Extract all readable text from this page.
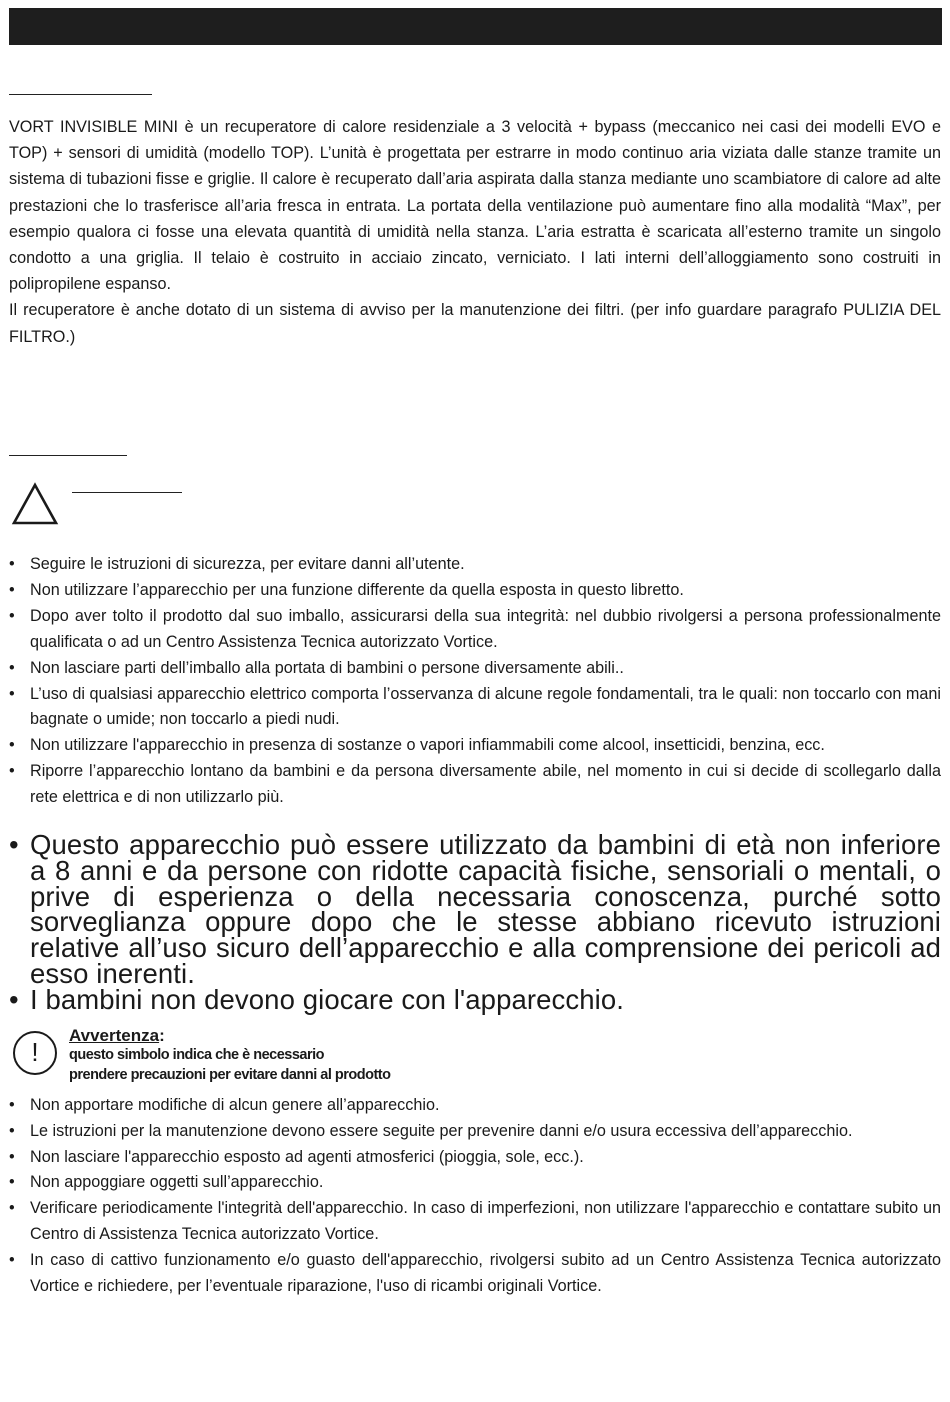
VORT INVISIBLE MINI è un recuperatore di calore residenziale a 3 velocità + bypass (meccanico nei casi dei modelli EVO e TOP) + sensori di umidità (modello TOP). L’unità è progettata per estrarre in modo continuo aria viziata dalle stanze tramite un sistema di tubazioni fisse e griglie. Il calore è recuperato dall’aria aspirata dalla stanza mediante uno scambiatore di calore ad alte prestazioni che lo trasferisce all’aria fresca in entrata. La portata della ventilazione può aumentare fino alla modalità “Max”, per esempio qualora ci fosse una elevata quantità di umidità nella stanza. L’aria estratta è scaricata all’esterno tramite un singolo condotto a una griglia. Il telaio è costruito in acciaio zincato, verniciato. I lati interni dell’alloggiamento sono costruiti in polipropilene espanso.

Il recuperatore è anche dotato di un sistema di avviso per la manutenzione dei filtri. (per info guardare paragrafo PULIZIA DEL FILTRO.)

• Seguire le istruzioni di sicurezza, per evitare danni all’utente.
• Non utilizzare l’apparecchio per una funzione differente da quella esposta in questo libretto.
• Dopo aver tolto il prodotto dal suo imballo, assicurarsi della sua integrità: nel dubbio rivolgersi a persona professionalmente qualificata o ad un Centro Assistenza Tecnica autorizzato Vortice.
• Non lasciare parti dell’imballo alla portata di bambini o persone diversamente abili..
• L’uso di qualsiasi apparecchio elettrico comporta l’osservanza di alcune regole fondamentali, tra le quali: non toccarlo con mani bagnate o umide; non toccarlo a piedi nudi.
• Non utilizzare l'apparecchio in presenza di sostanze o vapori infiammabili come alcool, insetticidi, benzina, ecc.
• Riporre l’apparecchio lontano da bambini e da persona diversamente abile, nel momento in cui si decide di scollegarlo dalla rete elettrica e di non utilizzarlo più.
• Questo apparecchio può essere utilizzato da bambini di età non inferiore a 8 anni e da persone con ridotte capacità fisiche, sensoriali o mentali, o prive di esperienza o della necessaria conoscenza, purché sotto sorveglianza oppure dopo che le stesse abbiano ricevuto istruzioni relative all’uso sicuro dell’apparecchio e alla comprensione dei pericoli ad esso inerenti.
• I bambini non devono giocare con l'apparecchio.
!
Avvertenza:
questo simbolo indica che è necessario
prendere precauzioni per evitare danni al prodotto
• Non apportare modifiche di alcun genere all’apparecchio.
• Le istruzioni per la manutenzione devono essere seguite per prevenire danni e/o usura eccessiva dell’apparecchio.
• Non lasciare l'apparecchio esposto ad agenti atmosferici (pioggia, sole, ecc.).
• Non appoggiare oggetti sull’apparecchio.
• Verificare periodicamente l'integrità dell'apparecchio. In caso di imperfezioni, non utilizzare l'apparecchio e contattare subito un Centro di Assistenza Tecnica autorizzato Vortice.
• In caso di cattivo funzionamento e/o guasto dell'apparecchio, rivolgersi subito ad un Centro Assistenza Tecnica autorizzato Vortice e richiedere, per l’eventuale riparazione, l'uso di ricambi originali Vortice.
